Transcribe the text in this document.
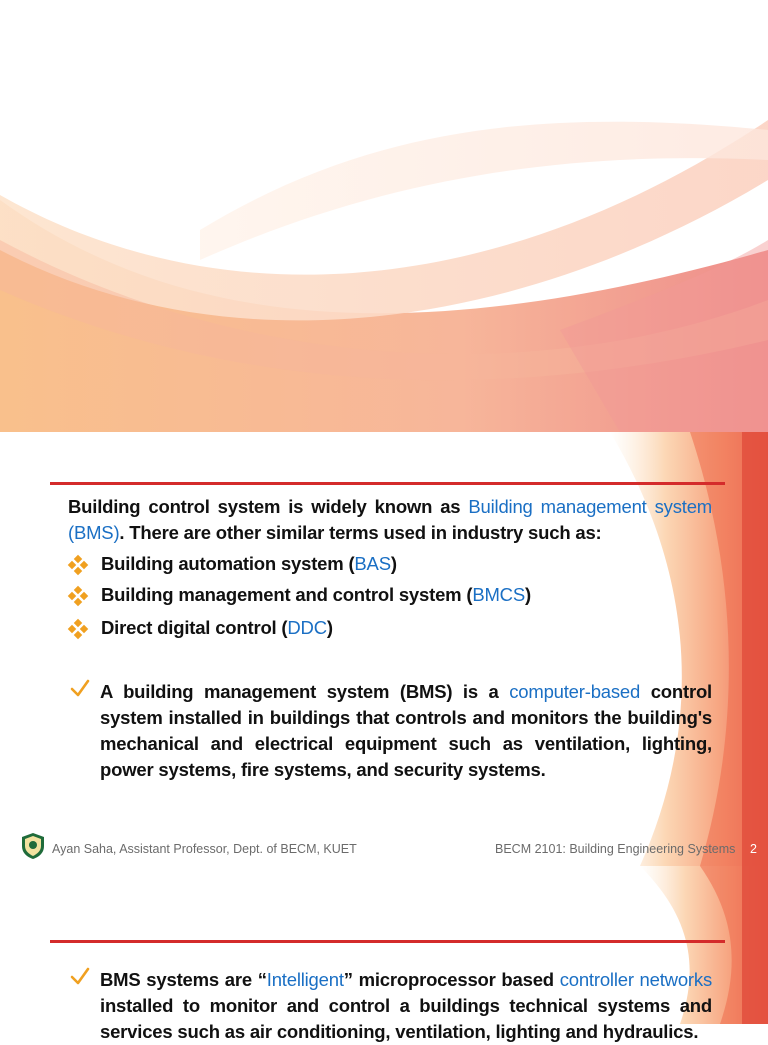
Building control system is widely known as Building management system (BMS). There are other similar terms used in industry such as:
Building automation system (BAS)
Building management and control system (BMCS)
Direct digital control (DDC)
A building management system (BMS) is a computer-based control system installed in buildings that controls and monitors the building's mechanical and electrical equipment such as ventilation, lighting, power systems, fire systems, and security systems.
Ayan Saha, Assistant Professor, Dept. of BECM, KUET	BECM 2101: Building Engineering Systems 2
BMS systems are “Intelligent” microprocessor based controller networks installed to monitor and control a buildings technical systems and services such as air conditioning, ventilation, lighting and hydraulics.
